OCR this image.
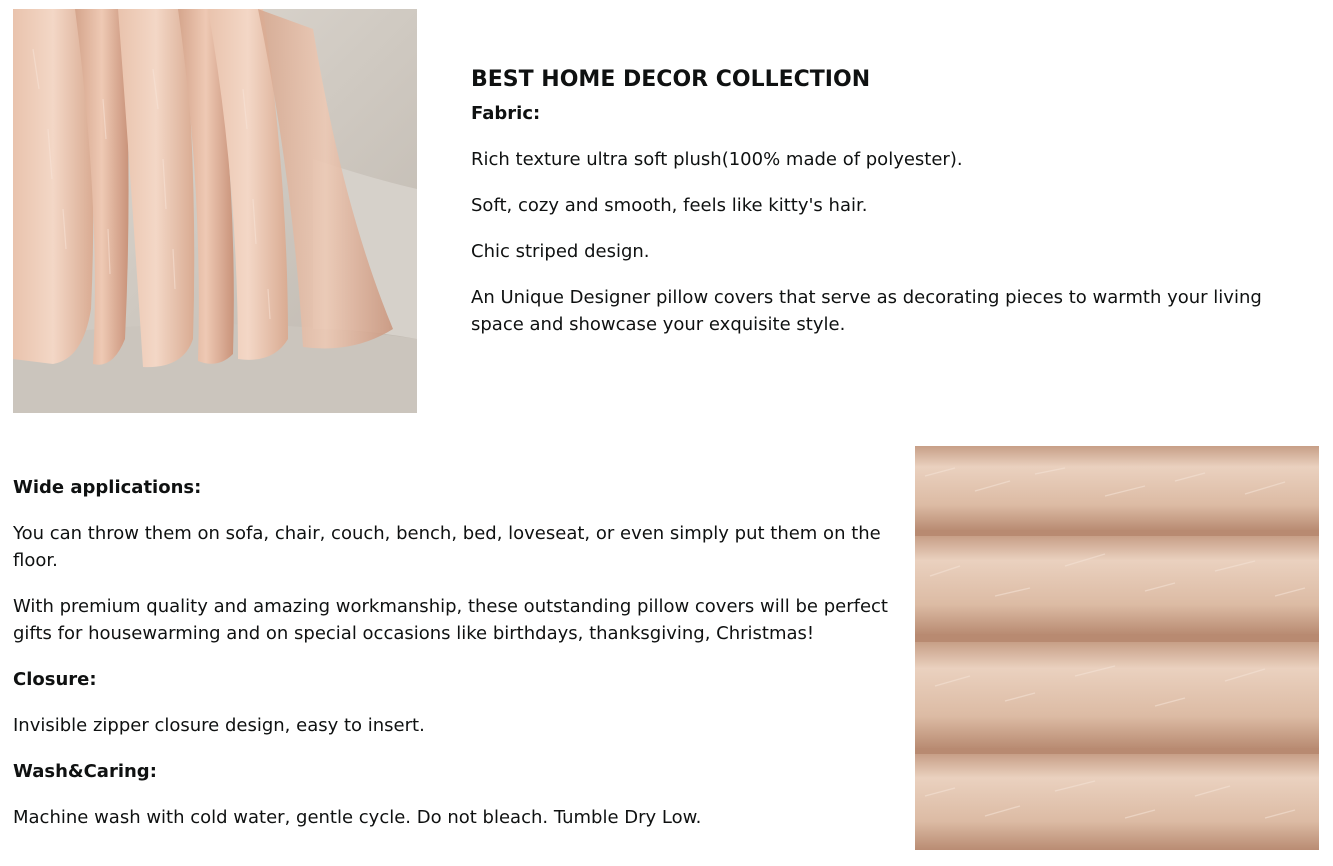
BEST HOME DECOR COLLECTION
Fabric:
Rich texture ultra soft plush(100% made of polyester).
Soft, cozy and smooth, feels like kitty's hair.
Chic striped design.
An Unique Designer pillow covers that serve as decorating pieces to warmth your living space and showcase your exquisite style.
Wide applications:
You can throw them on sofa, chair, couch, bench, bed, loveseat, or even simply put them on the floor.
With premium quality and amazing workmanship, these outstanding pillow covers will be perfect gifts for housewarming and on special occasions like birthdays, thanksgiving, Christmas!
Closure:
Invisible zipper closure design, easy to insert.
Wash&Caring:
Machine wash with cold water, gentle cycle. Do not bleach. Tumble Dry Low.
